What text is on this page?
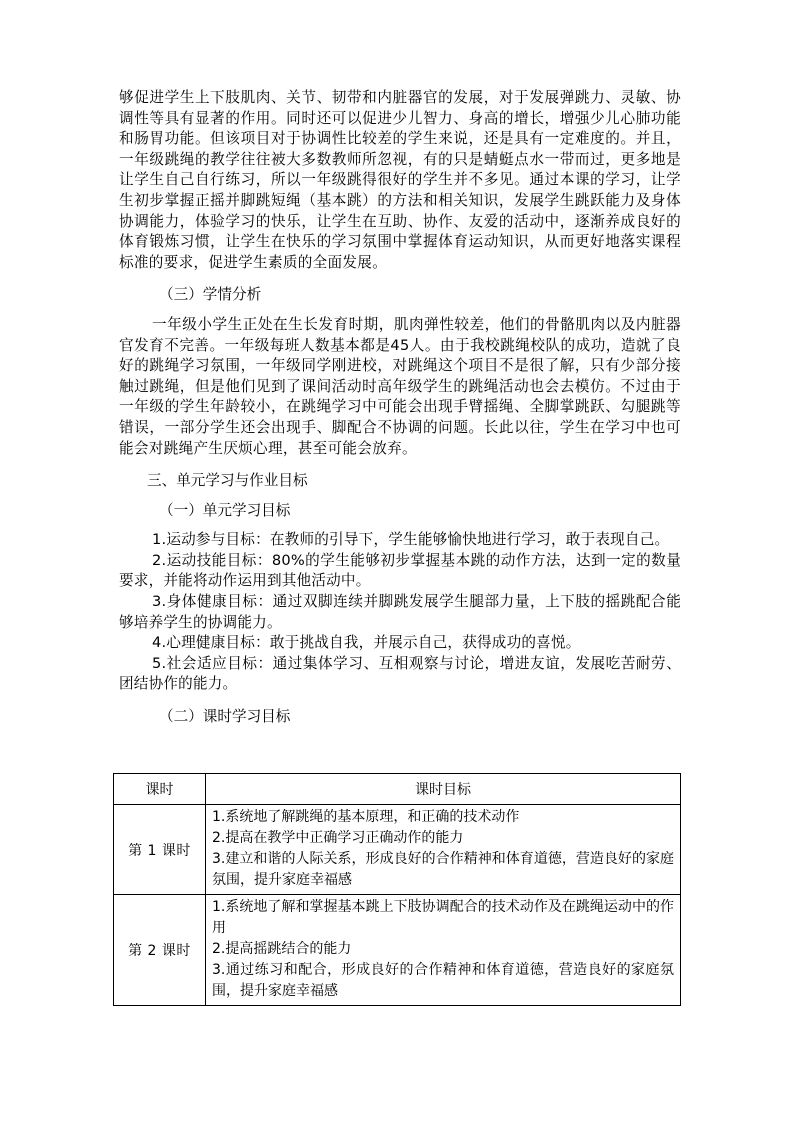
够促进学生上下肢肌肉、关节、韧带和内脏器官的发展，对于发展弹跳力、灵敏、协调性等具有显著的作用。同时还可以促进少儿智力、身高的增长，增强少儿心肺功能和肠胃功能。但该项目对于协调性比较差的学生来说，还是具有一定难度的。并且，一年级跳绳的教学往往被大多数教师所忽视，有的只是蜻蜓点水一带而过，更多地是让学生自己自行练习，所以一年级跳得很好的学生并不多见。通过本课的学习，让学生初步掌握正摇并脚跳短绳（基本跳）的方法和相关知识，发展学生跳跃能力及身体协调能力，体验学习的快乐，让学生在互助、协作、友爱的活动中，逐渐养成良好的体育锻炼习惯，让学生在快乐的学习氛围中掌握体育运动知识，从而更好地落实课程标准的要求，促进学生素质的全面发展。

（三）学情分析

一年级小学生正处在生长发育时期，肌肉弹性较差，他们的骨骼肌肉以及内脏器官发育不完善。一年级每班人数基本都是45人。由于我校跳绳校队的成功，造就了良好的跳绳学习氛围，一年级同学刚进校，对跳绳这个项目不是很了解，只有少部分接触过跳绳，但是他们见到了课间活动时高年级学生的跳绳活动也会去模仿。不过由于一年级的学生年龄较小，在跳绳学习中可能会出现手臂摇绳、全脚掌跳跃、勾腿跳等错误，一部分学生还会出现手、脚配合不协调的问题。长此以往，学生在学习中也可能会对跳绳产生厌烦心理，甚至可能会放弃。

三、单元学习与作业目标

（一）单元学习目标

1.运动参与目标：在教师的引导下，学生能够愉快地进行学习，敢于表现自己。

2.运动技能目标：80%的学生能够初步掌握基本跳的动作方法，达到一定的数量要求，并能将动作运用到其他活动中。

3.身体健康目标：通过双脚连续并脚跳发展学生腿部力量，上下肢的摇跳配合能够培养学生的协调能力。

4.心理健康目标：敢于挑战自我，并展示自己，获得成功的喜悦。

5.社会适应目标：通过集体学习、互相观察与讨论，增进友谊，发展吃苦耐劳、团结协作的能力。

（二）课时学习目标

课时	课时目标
第 1 课时	1.系统地了解跳绳的基本原理，和正确的技术动作
2.提高在教学中正确学习正确动作的能力
3.建立和谐的人际关系，形成良好的合作精神和体育道德，营造良好的家庭氛围，提升家庭幸福感

第 2 课时	1.系统地了解和掌握基本跳上下肢协调配合的技术动作及在跳绳运动中的作用
2.提高摇跳结合的能力
3.通过练习和配合，形成良好的合作精神和体育道德，营造良好的家庭氛围，提升家庭幸福感
